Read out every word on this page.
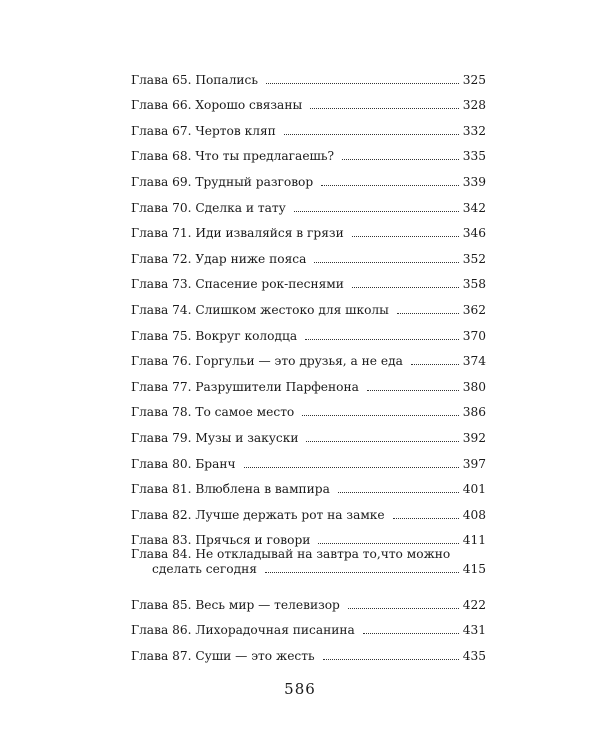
Глава 65. Попались	325
Глава 66. Хорошо связаны	328
Глава 67. Чертов кляп	332
Глава 68. Что ты предлагаешь?	335
Глава 69. Трудный разговор	339
Глава 70. Сделка и тату	342
Глава 71. Иди изваляйся в грязи	346
Глава 72. Удар ниже пояса	352
Глава 73. Спасение рок-песнями	358
Глава 74. Слишком жестоко для школы	362
Глава 75. Вокруг колодца	370
Глава 76. Горгульи — это друзья, а не еда	374
Глава 77. Разрушители Парфенона	380
Глава 78. То самое место	386
Глава 79. Музы и закуски	392
Глава 80. Бранч	397
Глава 81. Влюблена в вампира	401
Глава 82. Лучше держать рот на замке	408
Глава 83. Прячься и говори	411
Глава 84. Не откладывай на завтра то,что можно
сделать сегодня	415
Глава 85. Весь мир — телевизор	422
Глава 86. Лихорадочная писанина	431
Глава 87. Суши — это жесть	435
586
